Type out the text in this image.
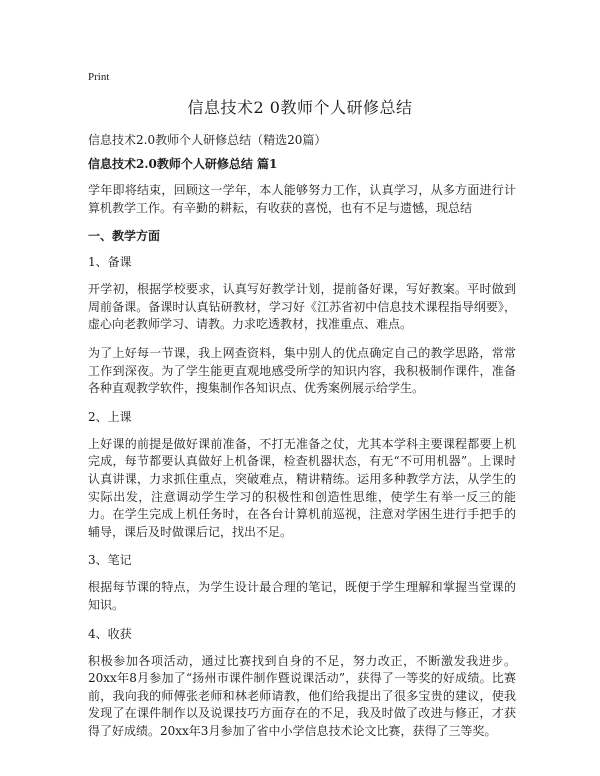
Print
信息技术2 0教师个人研修总结

信息技术2.0教师个人研修总结（精选20篇）

信息技术2.0教师个人研修总结 篇1

学年即将结束，回顾这一学年，本人能够努力工作，认真学习，从多方面进行计算机教学工作。有辛勤的耕耘，有收获的喜悦，也有不足与遗憾，现总结

一、教学方面

1、备课

开学初，根据学校要求，认真写好教学计划，提前备好课，写好教案。平时做到周前备课。备课时认真钻研教材，学习好《江苏省初中信息技术课程指导纲要》，虚心向老教师学习、请教。力求吃透教材，找准重点、难点。

为了上好每一节课，我上网查资料，集中别人的优点确定自己的教学思路，常常工作到深夜。为了学生能更直观地感受所学的知识内容，我积极制作课件，准备各种直观教学软件，搜集制作各知识点、优秀案例展示给学生。

2、上课

上好课的前提是做好课前准备，不打无准备之仗，尤其本学科主要课程都要上机完成，每节都要认真做好上机备课，检查机器状态，有无“不可用机器”。上课时认真讲课，力求抓住重点，突破难点，精讲精练。运用多种教学方法，从学生的实际出发，注意调动学生学习的积极性和创造性思维，使学生有举一反三的能力。在学生完成上机任务时，在各台计算机前巡视，注意对学困生进行手把手的辅导，课后及时做课后记，找出不足。

3、笔记

根据每节课的特点，为学生设计最合理的笔记，既便于学生理解和掌握当堂课的知识。

4、收获

积极参加各项活动，通过比赛找到自身的不足，努力改正，不断激发我进步。20xx年8月参加了“扬州市课件制作暨说课活动”，获得了一等奖的好成绩。比赛前，我向我的师傅张老师和林老师请教，他们给我提出了很多宝贵的建议，使我发现了在课件制作以及说课技巧方面存在的不足，我及时做了改进与修正，才获得了好成绩。20xx年3月参加了省中小学信息技术论文比赛，获得了三等奖。
